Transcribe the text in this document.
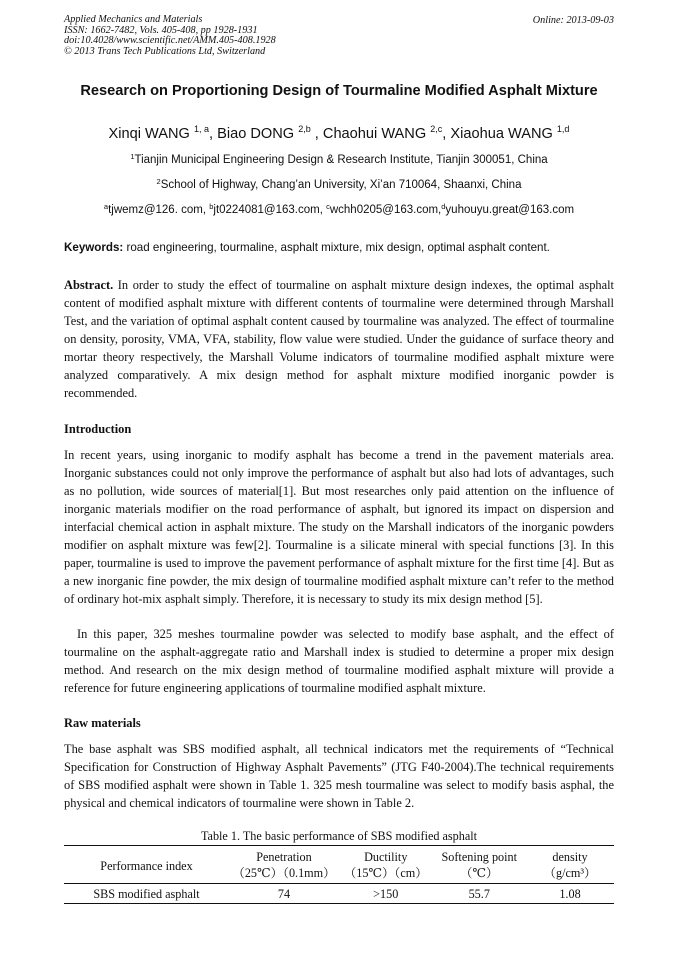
Applied Mechanics and Materials
ISSN: 1662-7482, Vols. 405-408, pp 1928-1931
doi:10.4028/www.scientific.net/AMM.405-408.1928
© 2013 Trans Tech Publications Ltd, Switzerland
Online: 2013-09-03
Research on Proportioning Design of Tourmaline Modified Asphalt Mixture
Xinqi WANG $^{1, a}$, Biao DONG $^{2,b}$ , Chaohui WANG $^{2,c}$, Xiaohua WANG $^{1,d}$
$^1$Tianjin Municipal Engineering Design & Research Institute, Tianjin 300051, China
$^2$School of Highway, Chang’an University, Xi’an 710064, Shaanxi, China
$^a$tjwemz@126. com, $^b$jt0224081@163.com, $^c$wchh0205@163.com,$^d$yuhouyu.great@163.com
Keywords: road engineering, tourmaline, asphalt mixture, mix design, optimal asphalt content.
Abstract. In order to study the effect of tourmaline on asphalt mixture design indexes, the optimal asphalt content of modified asphalt mixture with different contents of tourmaline were determined through Marshall Test, and the variation of optimal asphalt content caused by tourmaline was analyzed. The effect of tourmaline on density, porosity, VMA, VFA, stability, flow value were studied. Under the guidance of surface theory and mortar theory respectively, the Marshall Volume indicators of tourmaline modified asphalt mixture were analyzed comparatively. A mix design method for asphalt mixture modified inorganic powder is recommended.
Introduction
In recent years, using inorganic to modify asphalt has become a trend in the pavement materials area. Inorganic substances could not only improve the performance of asphalt but also had lots of advantages, such as no pollution, wide sources of material[1]. But most researches only paid attention on the influence of inorganic materials modifier on the road performance of asphalt, but ignored its impact on dispersion and interfacial chemical action in asphalt mixture. The study on the Marshall indicators of the inorganic powders modifier on asphalt mixture was few[2]. Tourmaline is a silicate mineral with special functions [3]. In this paper, tourmaline is used to improve the pavement performance of asphalt mixture for the first time [4]. But as a new inorganic fine powder, the mix design of tourmaline modified asphalt mixture can’t refer to the method of ordinary hot-mix asphalt simply. Therefore, it is necessary to study its mix design method [5].
In this paper, 325 meshes tourmaline powder was selected to modify base asphalt, and the effect of tourmaline on the asphalt-aggregate ratio and Marshall index is studied to determine a proper mix design method. And research on the mix design method of tourmaline modified asphalt mixture will provide a reference for future engineering applications of tourmaline modified asphalt mixture.
Raw materials
The base asphalt was SBS modified asphalt, all technical indicators met the requirements of “Technical Specification for Construction of Highway Asphalt Pavements” (JTG F40-2004).The technical requirements of SBS modified asphalt were shown in Table 1. 325 mesh tourmaline was select to modify basis asphal, the physical and chemical indicators of tourmaline were shown in Table 2.
Table 1. The basic performance of SBS modified asphalt
Performance index	Penetration	Ductility	Softening point	density
	（25℃）（0.1mm）	（15℃）（cm）	（℃）	（g/cm³）
SBS modified asphalt	74	>150	55.7	1.08
